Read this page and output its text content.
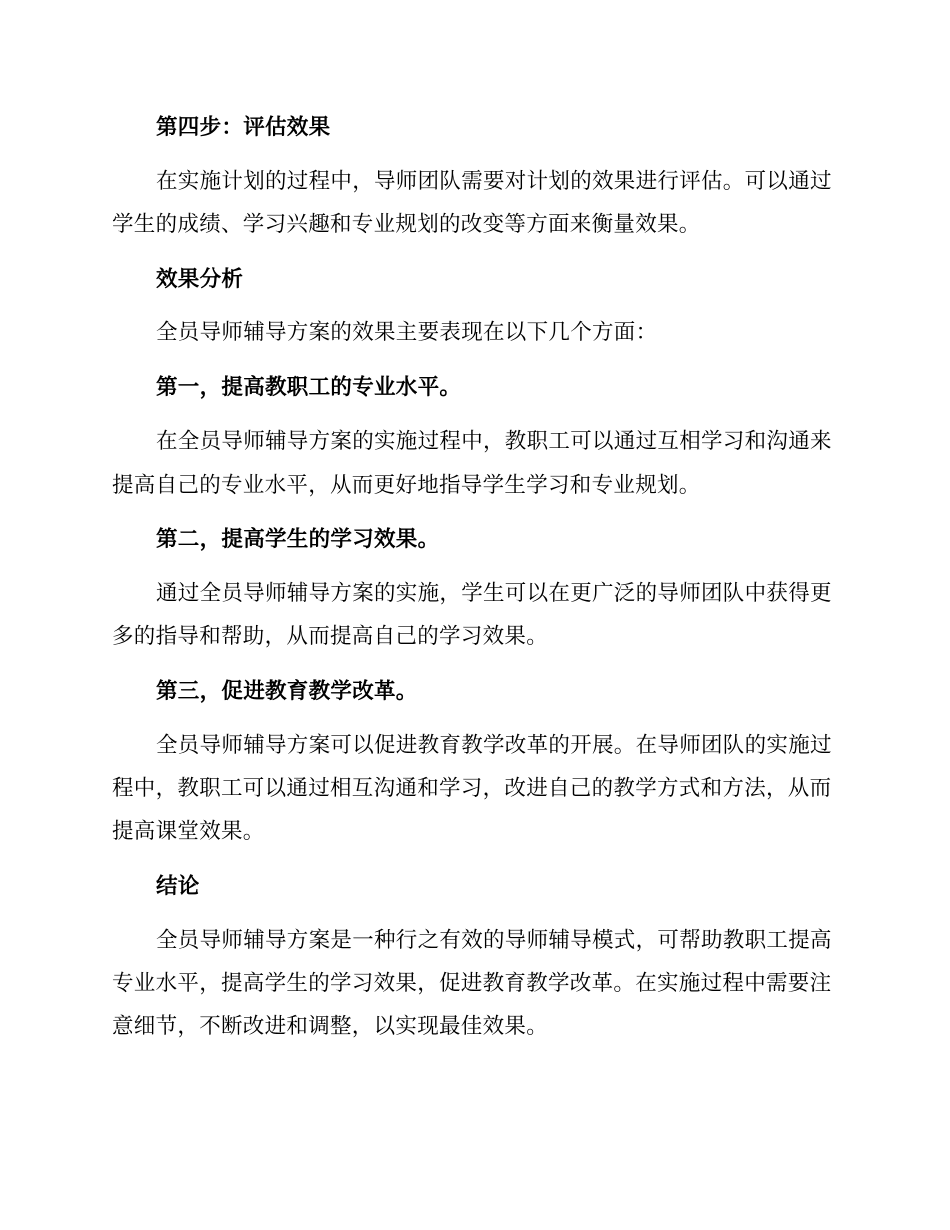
第四步：评估效果
在实施计划的过程中，导师团队需要对计划的效果进行评估。可以通过
学生的成绩、学习兴趣和专业规划的改变等方面来衡量效果。
效果分析
全员导师辅导方案的效果主要表现在以下几个方面：
第一，提高教职工的专业水平。
在全员导师辅导方案的实施过程中，教职工可以通过互相学习和沟通来
提高自己的专业水平，从而更好地指导学生学习和专业规划。
第二，提高学生的学习效果。
通过全员导师辅导方案的实施，学生可以在更广泛的导师团队中获得更
多的指导和帮助，从而提高自己的学习效果。
第三，促进教育教学改革。
全员导师辅导方案可以促进教育教学改革的开展。在导师团队的实施过
程中，教职工可以通过相互沟通和学习，改进自己的教学方式和方法，从而
提高课堂效果。
结论
全员导师辅导方案是一种行之有效的导师辅导模式，可帮助教职工提高
专业水平，提高学生的学习效果，促进教育教学改革。在实施过程中需要注
意细节，不断改进和调整，以实现最佳效果。
